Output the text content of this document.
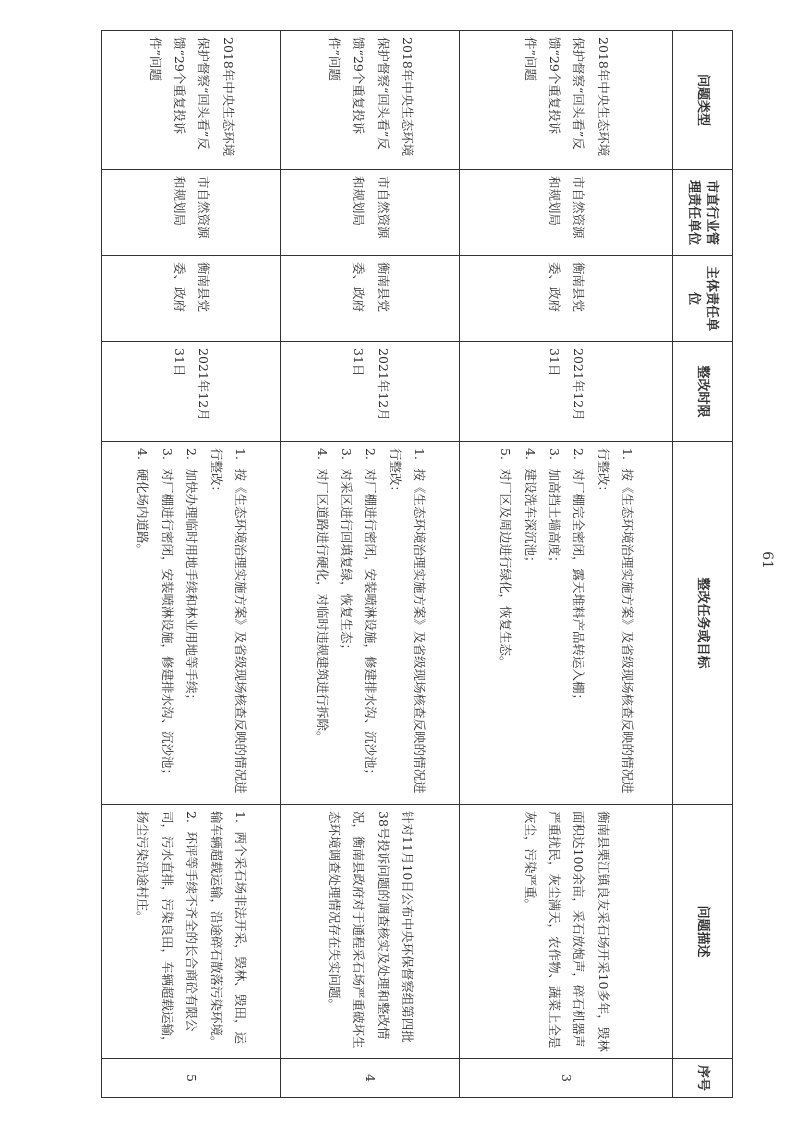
问题类型	市直行业管理责任单位	主体责任单位	整改时限	整改任务或目标	问题描述	序号
2018年中央生态环境保护督察“回头看”反馈“29个重复投诉件”问题	市自然资源和规划局	衡南县党委、政府	2021年12月31日	1．按《生态环境治理实施方案》及省级现场核查反映的情况进行整改：
2．对厂棚完全密闭，露天堆料产品转运入棚；
3．加高挡土墙高度；
4．建设洗车深沉池；
5．对厂区及周边进行绿化，恢复生态。	衡南县栗江镇良友采石场开采10多年，毁林面积达100余亩，采石放炮声，碎石机器声严重扰民，灰尘满天，农作物、蔬菜上全是灰尘，污染严重。	3
2018年中央生态环境保护督察“回头看”反馈“29个重复投诉件”问题	市自然资源和规划局	衡南县党委、政府	2021年12月31日	1．按《生态环境治理实施方案》及省级现场核查反映的情况进行整改：
2．对厂棚进行密闭，安装喷淋设施，修建排水沟、沉沙池；
3．对采区进行回填复绿，恢复生态；
4．对厂区道路进行硬化，对临时违规建筑进行拆除。	针对11月10日公布中央环保督察组第四批38号投诉问题的调查核实及处理和整改情况，衡南县政府对于通程采石场严重破坏生态环境调查处理情况存在失实问题。	4
2018年中央生态环境保护督察“回头看”反馈“29个重复投诉件”问题	市自然资源和规划局	衡南县党委、政府	2021年12月31日	1．按《生态环境治理实施方案》及省级现场核查反映的情况进行整改：
2．加快办理临时用地手续和林业用地等手续；
3．对厂棚进行密闭，安装喷淋设施，修建排水沟、沉沙池；
4．硬化场内道路。	1．两个采石场非法开采，毁林、毁田，运输车辆超载运输，沿途碎石散落污染环境。2．环评等手续不齐全的长合商砼有限公司，污水直排，污染良田，车辆超载运输，扬尘污染沿途村庄。	5
61
